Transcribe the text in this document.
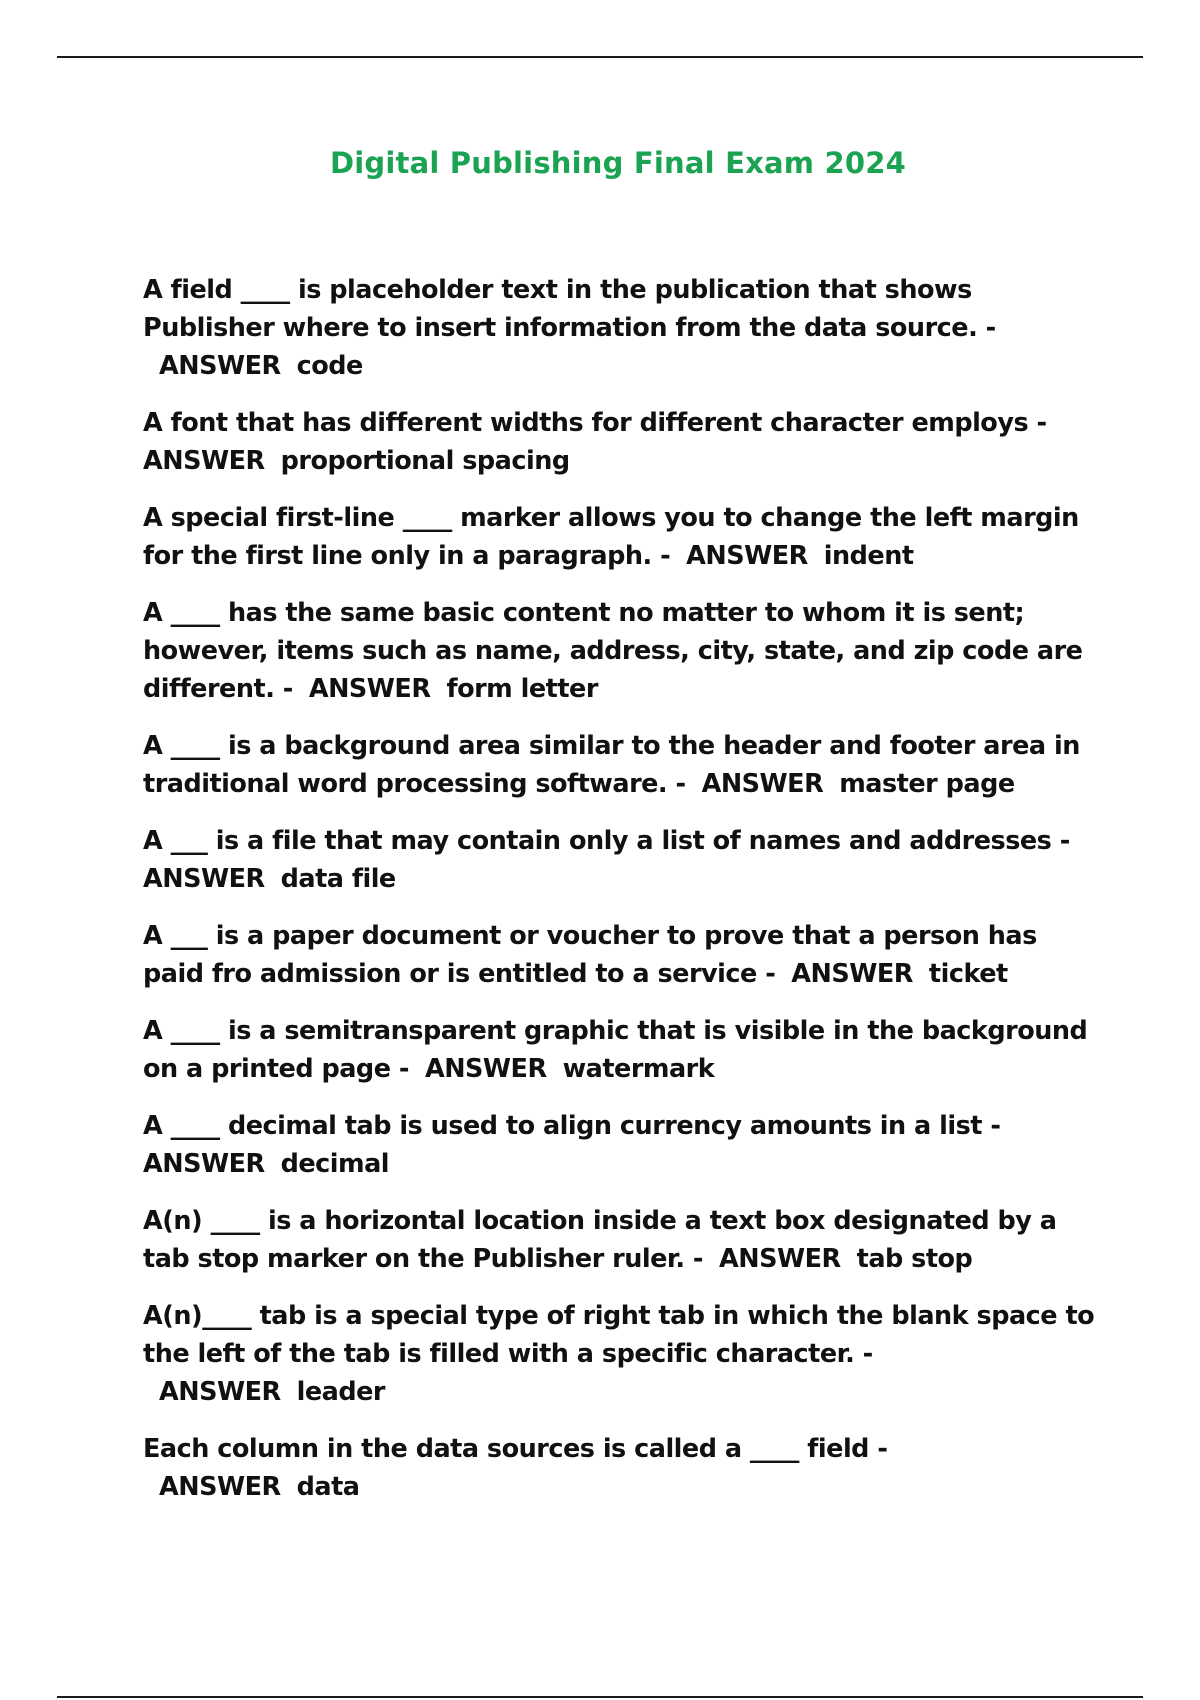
Digital Publishing Final Exam 2024

A field ____ is placeholder text in the publication that shows Publisher where to insert information from the data source. -ANSWER code

A font that has different widths for different character employs - ANSWER proportional spacing

A special first-line ____ marker allows you to change the left margin for the first line only in a paragraph. - ANSWER indent

A ____ has the same basic content no matter to whom it is sent; however, items such as name, address, city, state, and zip code are different. - ANSWER form letter

A ____ is a background area similar to the header and footer area in traditional word processing software. - ANSWER master page

A ___ is a file that may contain only a list of names and addresses - ANSWER data file

A ___ is a paper document or voucher to prove that a person has paid fro admission or is entitled to a service - ANSWER ticket

A ____ is a semitransparent graphic that is visible in the background on a printed page - ANSWER watermark

A ____ decimal tab is used to align currency amounts in a list - ANSWER decimal

A(n) ____ is a horizontal location inside a text box designated by a tab stop marker on the Publisher ruler. - ANSWER tab stop

A(n)____ tab is a special type of right tab in which the blank space to the left of the tab is filled with a specific character. -ANSWER leader

Each column in the data sources is called a ____ field -ANSWER data
